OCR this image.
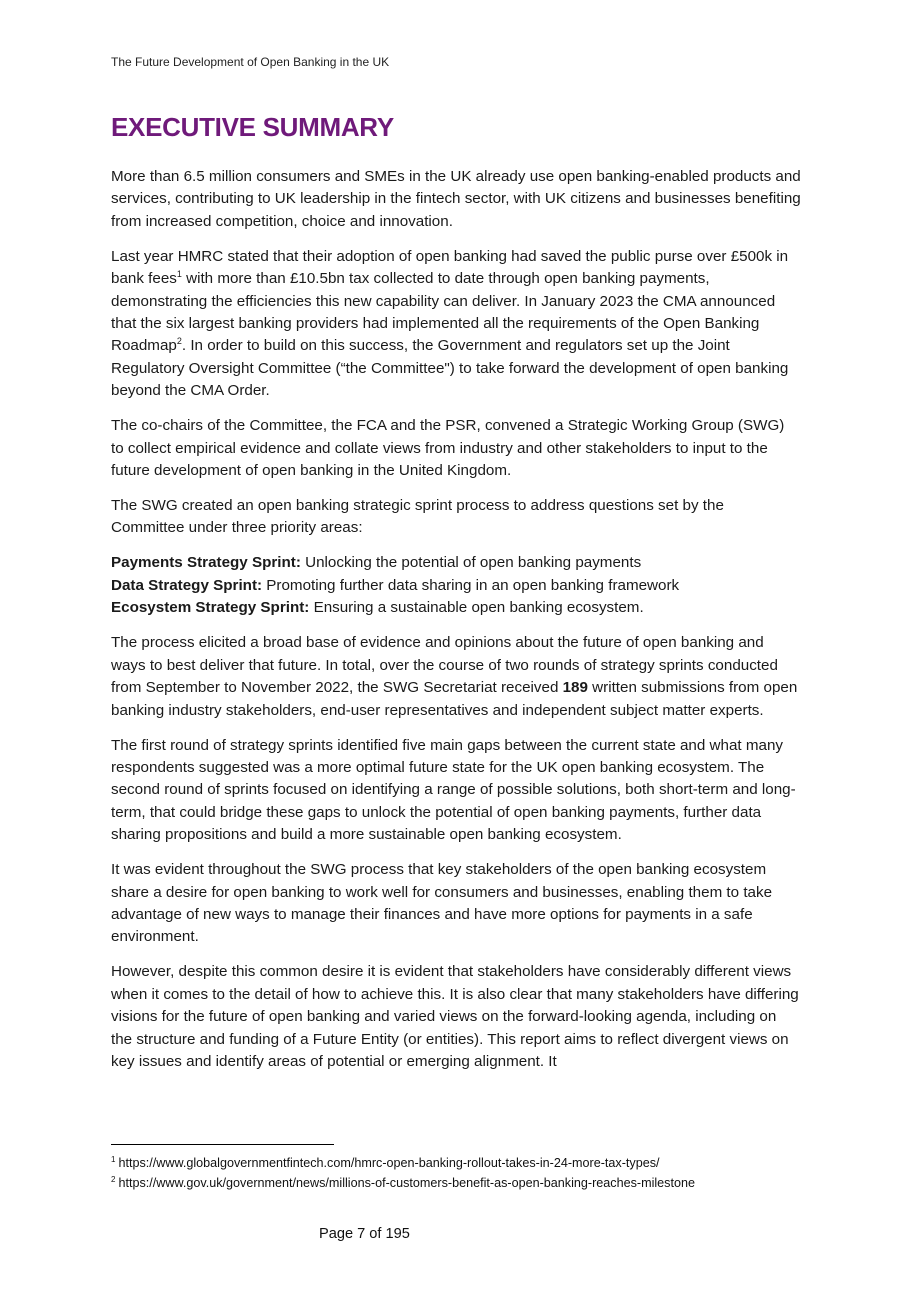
The Future Development of Open Banking in the UK
EXECUTIVE SUMMARY

More than 6.5 million consumers and SMEs in the UK already use open banking-enabled products and services, contributing to UK leadership in the fintech sector, with UK citizens and businesses benefiting from increased competition, choice and innovation.

Last year HMRC stated that their adoption of open banking had saved the public purse over £500k in bank fees$^1$ with more than £10.5bn tax collected to date through open banking payments, demonstrating the efficiencies this new capability can deliver. In January 2023 the CMA announced that the six largest banking providers had implemented all the requirements of the Open Banking Roadmap$^2$. In order to build on this success, the Government and regulators set up the Joint Regulatory Oversight Committee (“the Committee") to take forward the development of open banking beyond the CMA Order.

The co-chairs of the Committee, the FCA and the PSR, convened a Strategic Working Group (SWG) to collect empirical evidence and collate views from industry and other stakeholders to input to the future development of open banking in the United Kingdom.

The SWG created an open banking strategic sprint process to address questions set by the Committee under three priority areas:

Payments Strategy Sprint: Unlocking the potential of open banking payments
Data Strategy Sprint: Promoting further data sharing in an open banking framework
Ecosystem Strategy Sprint: Ensuring a sustainable open banking ecosystem.

The process elicited a broad base of evidence and opinions about the future of open banking and ways to best deliver that future. In total, over the course of two rounds of strategy sprints conducted from September to November 2022, the SWG Secretariat received 189 written submissions from open banking industry stakeholders, end-user representatives and independent subject matter experts.

The first round of strategy sprints identified five main gaps between the current state and what many respondents suggested was a more optimal future state for the UK open banking ecosystem. The second round of sprints focused on identifying a range of possible solutions, both short-term and long-term, that could bridge these gaps to unlock the potential of open banking payments, further data sharing propositions and build a more sustainable open banking ecosystem.

It was evident throughout the SWG process that key stakeholders of the open banking ecosystem share a desire for open banking to work well for consumers and businesses, enabling them to take advantage of new ways to manage their finances and have more options for payments in a safe environment.

However, despite this common desire it is evident that stakeholders have considerably different views when it comes to the detail of how to achieve this. It is also clear that many stakeholders have differing visions for the future of open banking and varied views on the forward-looking agenda, including on the structure and funding of a Future Entity (or entities). This report aims to reflect divergent views on key issues and identify areas of potential or emerging alignment. It

$^1$ https://www.globalgovernmentfintech.com/hmrc-open-banking-rollout-takes-in-24-more-tax-types/
$^2$ https://www.gov.uk/government/news/millions-of-customers-benefit-as-open-banking-reaches-milestone
Page 7 of 195
